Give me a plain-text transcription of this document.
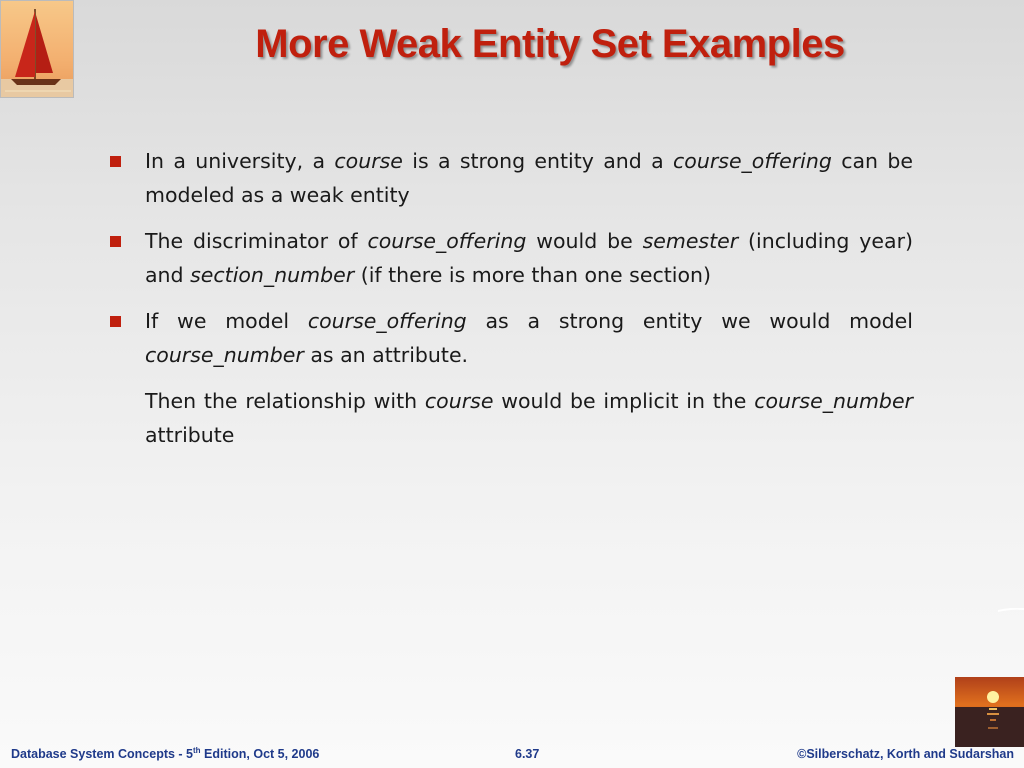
More Weak Entity Set Examples
In a university, a course is a strong entity and a course_offering can be modeled as a weak entity
The discriminator of course_offering would be semester (including year) and section_number (if there is more than one section)
If we model course_offering as a strong entity we would model course_number as an attribute.
Then the relationship with course would be implicit in the course_number attribute
Database System Concepts - 5th Edition, Oct 5, 2006	6.37	©Silberschatz, Korth and Sudarshan
